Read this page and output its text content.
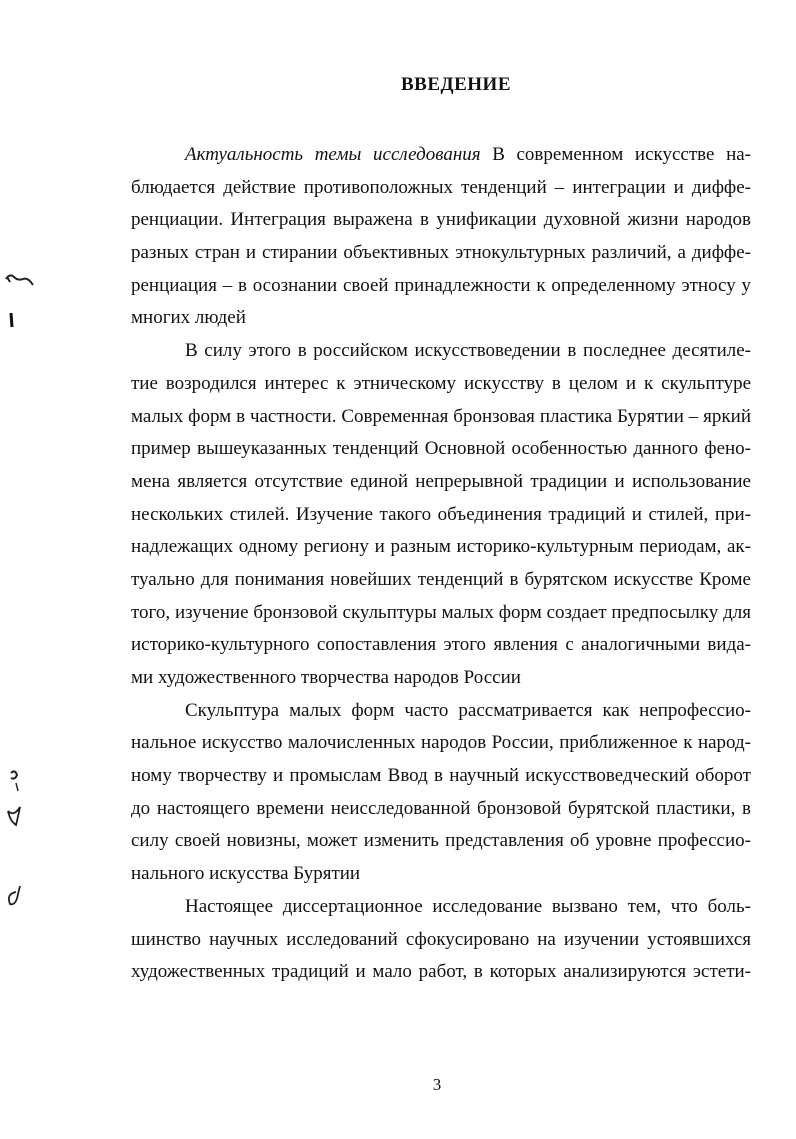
ВВЕДЕНИЕ
Актуальность темы исследования В современном искусстве на-
блюдается действие противоположных тенденций – интеграции и диффе-
ренциации. Интеграция выражена в унификации духовной жизни народов
разных стран и стирании объективных этнокультурных различий, а диффе-
ренциация – в осознании своей принадлежности к определенному этносу у
многих людей
В силу этого в российском искусствоведении в последнее десятиле-
тие возродился интерес к этническому искусству в целом и к скульптуре
малых форм в частности. Современная бронзовая пластика Бурятии – яркий
пример вышеуказанных тенденций Основной особенностью данного фено-
мена является отсутствие единой непрерывной традиции и использование
нескольких стилей. Изучение такого объединения традиций и стилей, при-
надлежащих одному региону и разным историко-культурным периодам, ак-
туально для понимания новейших тенденций в бурятском искусстве Кроме
того, изучение бронзовой скульптуры малых форм создает предпосылку для
историко-культурного сопоставления этого явления с аналогичными вида-
ми художественного творчества народов России
Скульптура малых форм часто рассматривается как непрофессио-
нальное искусство малочисленных народов России, приближенное к народ-
ному творчеству и промыслам Ввод в научный искусствоведческий оборот
до настоящего времени неисследованной бронзовой бурятской пластики, в
силу своей новизны, может изменить представления об уровне профессио-
нального искусства Бурятии
Настоящее диссертационное исследование вызвано тем, что боль-
шинство научных исследований сфокусировано на изучении устоявшихся
художественных традиций и мало работ, в которых анализируются эстети-
3
